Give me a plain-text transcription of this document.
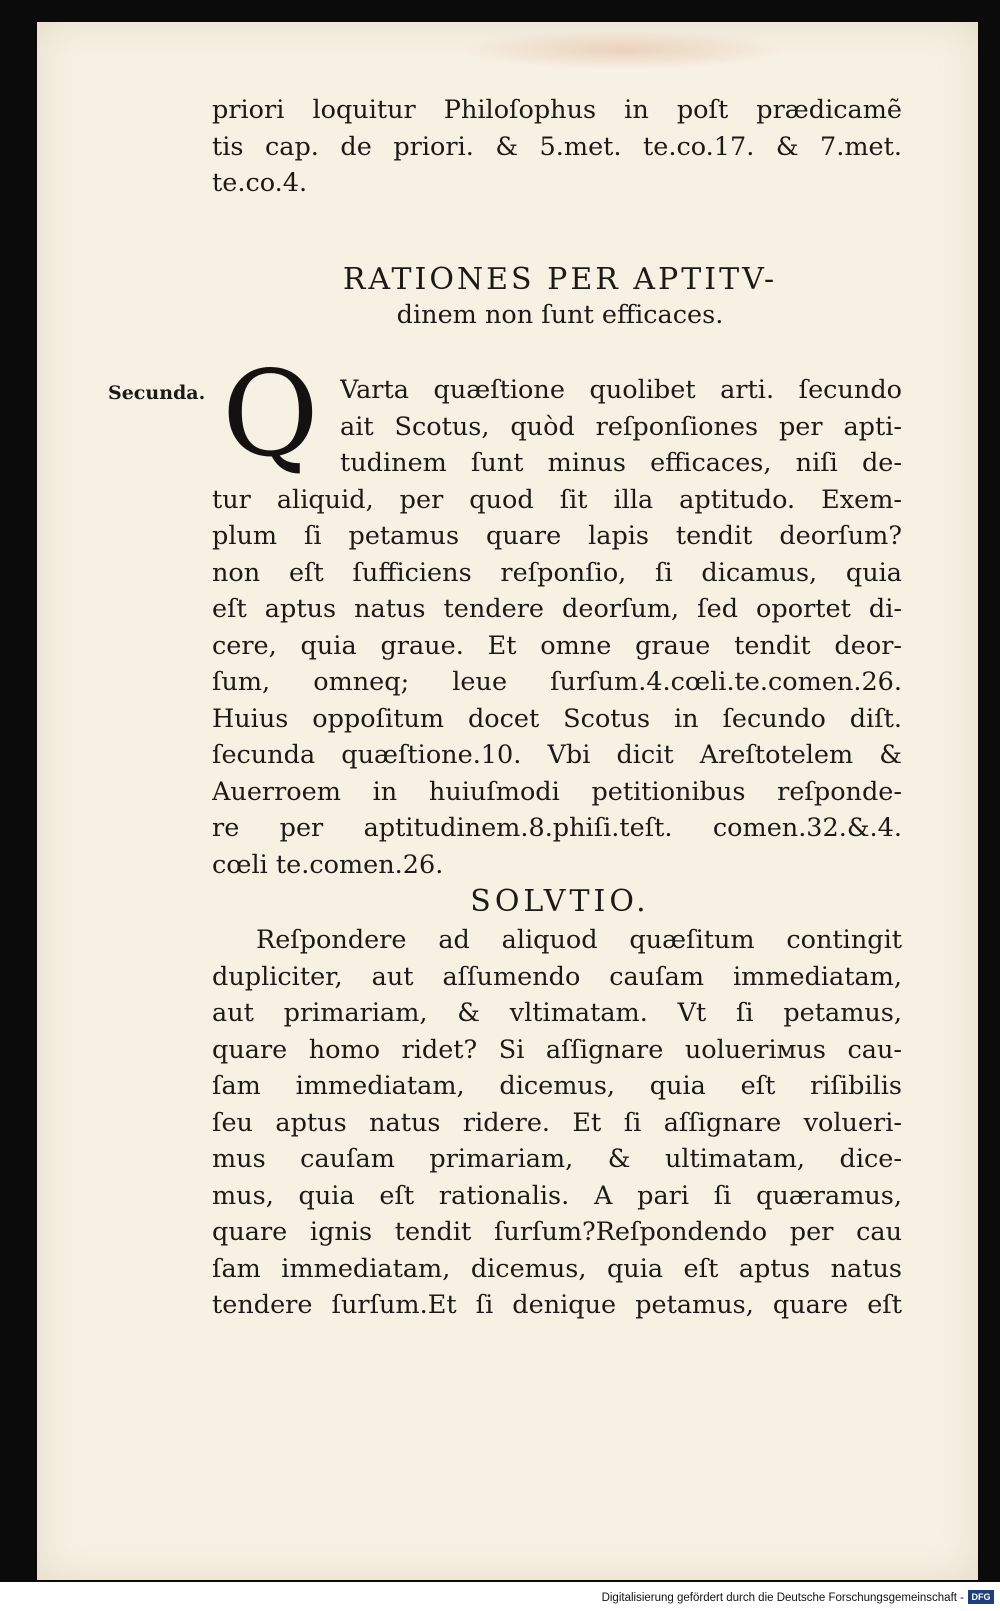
priori loquitur Philoſophus in poſt prædicamẽ
tis cap. de priori. & 5.met. te.co.17. & 7.met.
te.co.4.
RATIONES PER APTITV-
dinem non ſunt efficaces.
Secunda. Q Varta quæſtione quolibet arti. ſecundo
ait Scotus, quòd reſponſiones per apti-
tudinem ſunt minus efficaces, niſi de-
tur aliquid, per quod ſit illa aptitudo. Exem-
plum ſi petamus quare lapis tendit deorſum?
non eſt ſufficiens reſponſio, ſi dicamus, quia
eſt aptus natus tendere deorſum, ſed oportet di-
cere, quia graue. Et omne graue tendit deor-
ſum, omneq; leue ſurſum.4.cœli.te.comen.26.
Huius oppoſitum docet Scotus in ſecundo diſt.
ſecunda quæſtione.10. Vbi dicit Areſtotelem &
Auerroem in huiuſmodi petitionibus reſponde-
re per aptitudinem.8.phiſi.teſt. comen.32.&.4.
cœli te.comen.26.
SOLVTIO.
Reſpondere ad aliquod quæſitum contingit
dupliciter, aut aſſumendo cauſam immediatam,
aut primariam, & vltimatam. Vt ſi petamus,
quare homo ridet? Si aſſignare uolueriмus cau-
ſam immediatam, dicemus, quia eſt riſibilis
ſeu aptus natus ridere. Et ſi aſſignare volueri-
mus cauſam primariam, & ultimatam, dice-
mus, quia eſt rationalis. A pari ſi quæramus,
quare ignis tendit ſurſum?Reſpondendo per cau
ſam immediatam, dicemus, quia eſt aptus natus
tendere ſurſum.Et ſi denique petamus, quare eſt
Digitalisierung gefördert durch die Deutsche Forschungsgemeinschaft - DFG
